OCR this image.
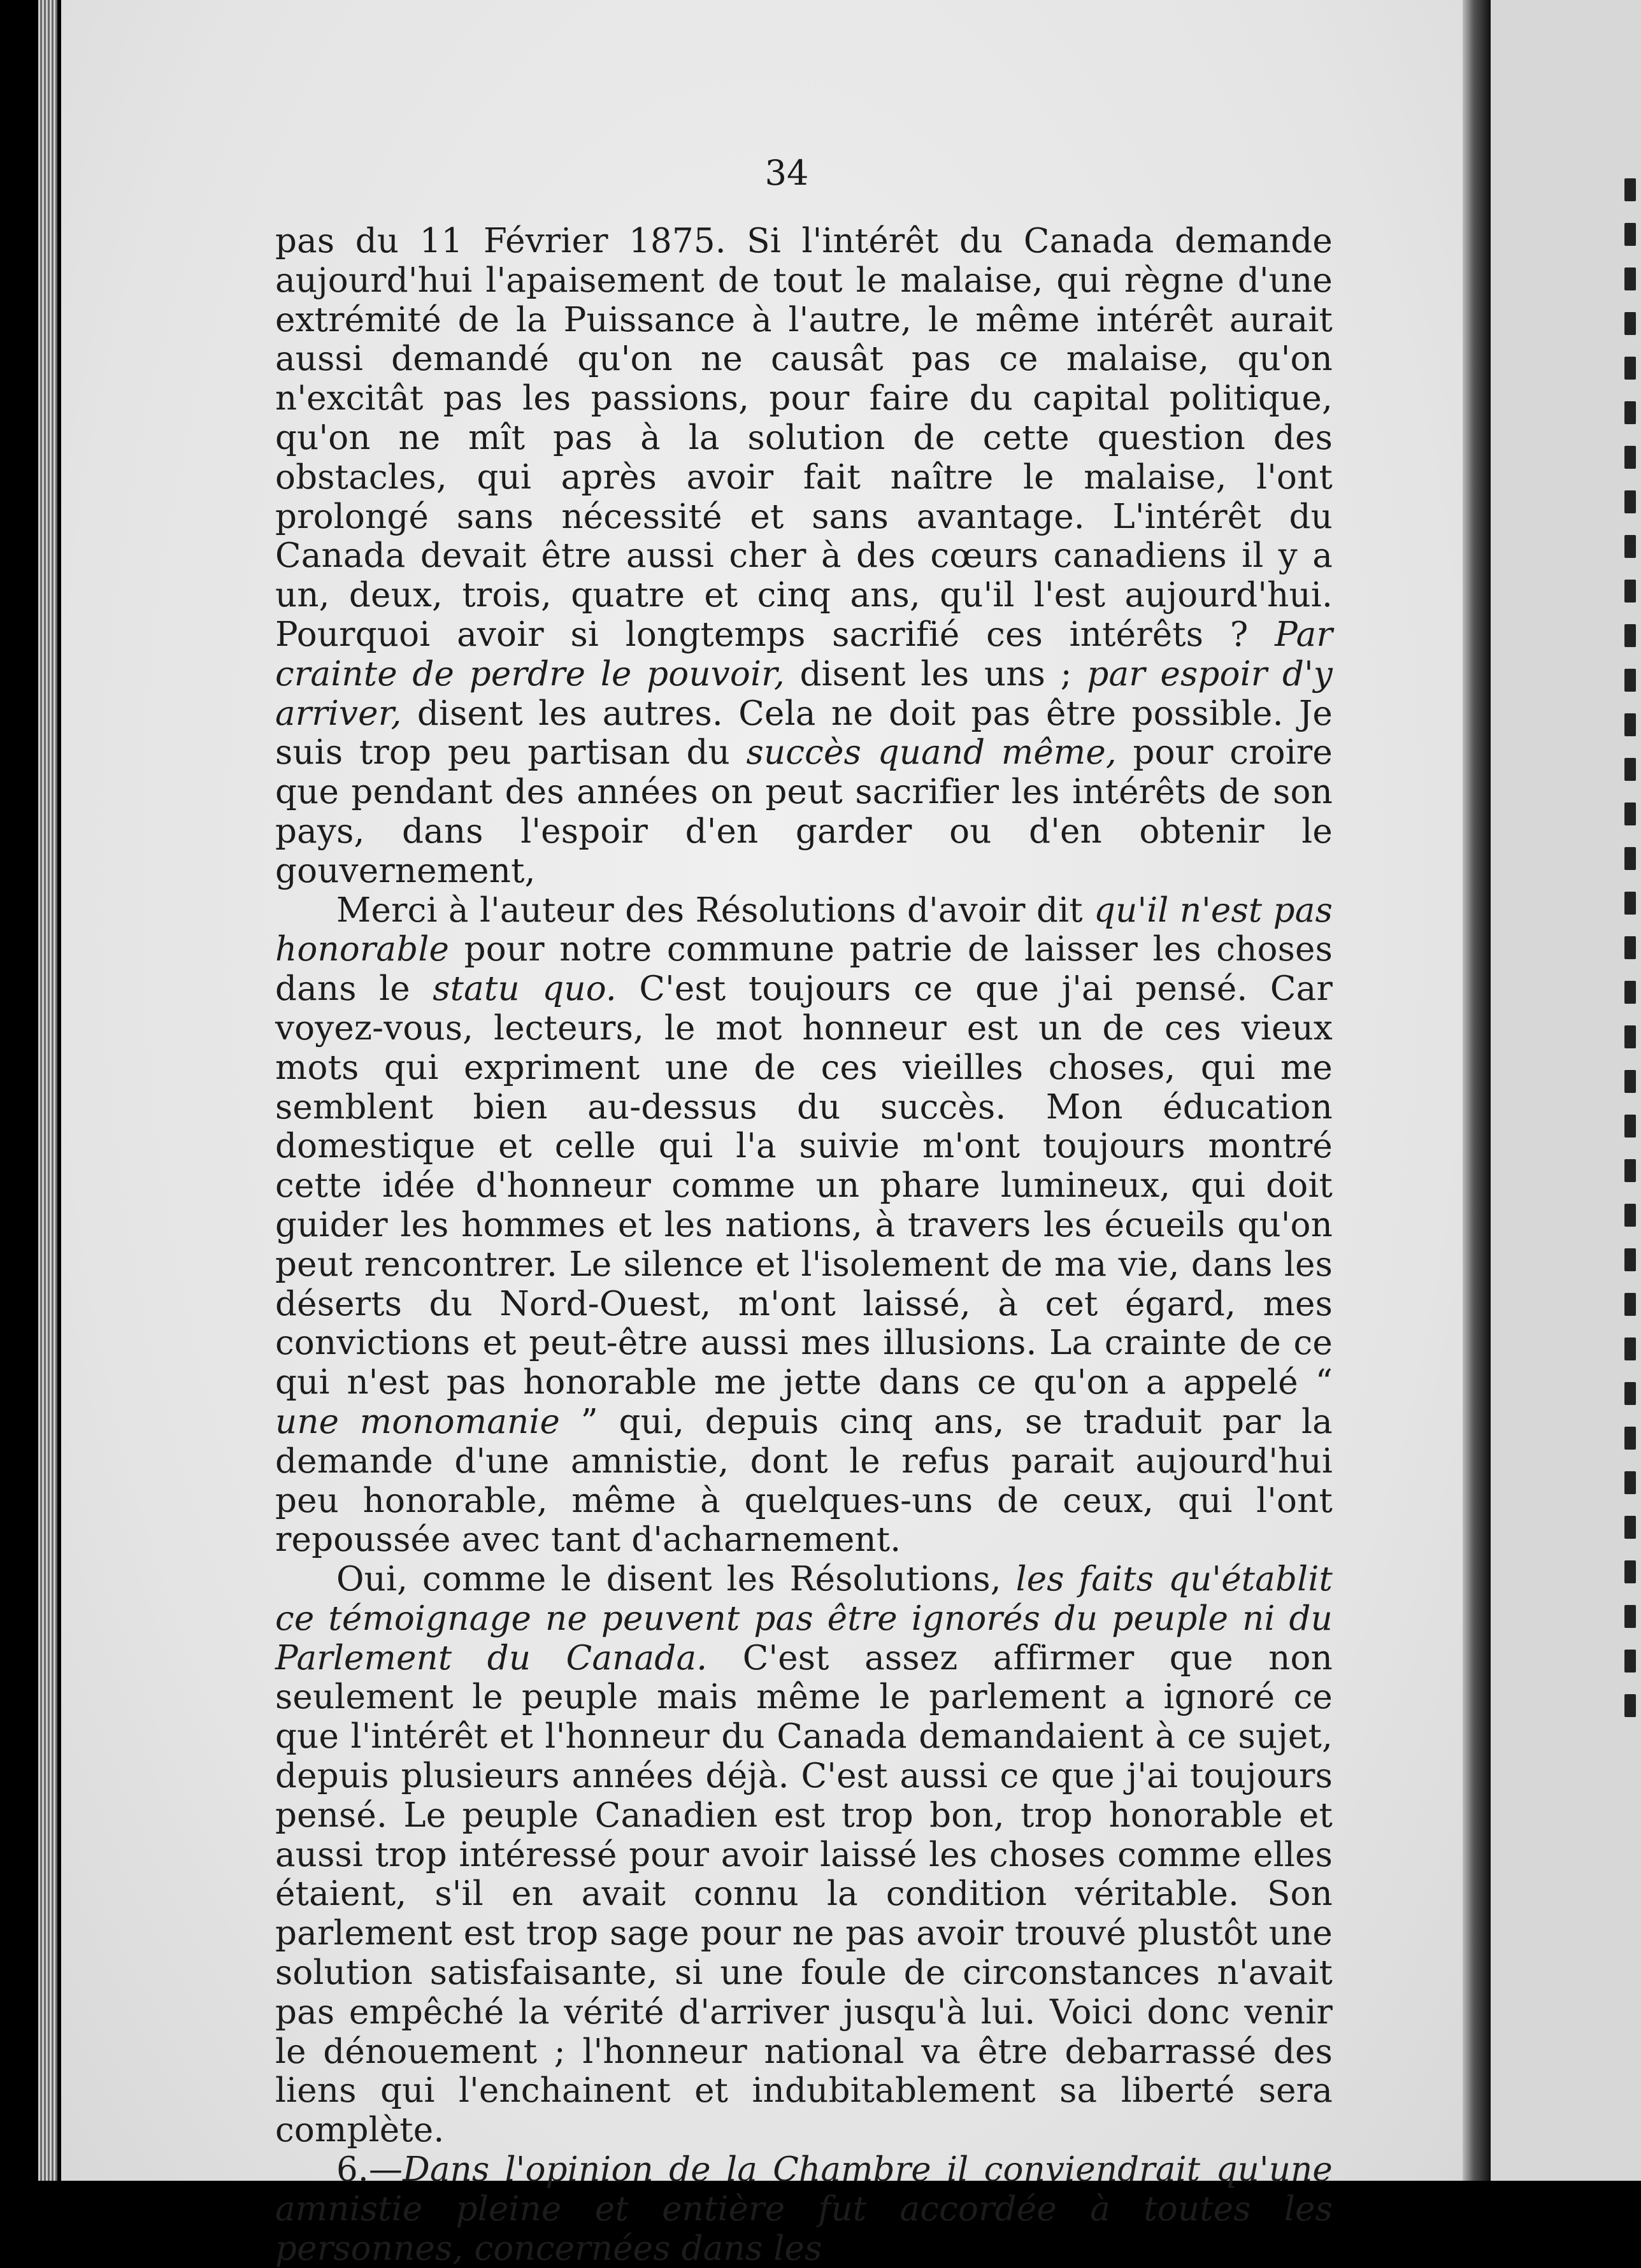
34

pas du 11 Février 1875. Si l'intérêt du Canada demande aujourd'hui l'apaisement de tout le malaise, qui règne d'une extrémité de la Puissance à l'autre, le même intérêt aurait aussi demandé qu'on ne causât pas ce malaise, qu'on n'excitât pas les passions, pour faire du capital politique, qu'on ne mît pas à la solution de cette question des obstacles, qui après avoir fait naître le malaise, l'ont prolongé sans nécessité et sans avantage. L'intérêt du Canada devait être aussi cher à des cœurs canadiens il y a un, deux, trois, quatre et cinq ans, qu'il l'est aujourd'hui. Pourquoi avoir si longtemps sacrifié ces intérêts ? Par crainte de perdre le pouvoir, disent les uns ; par espoir d'y arriver, disent les autres. Cela ne doit pas être possible. Je suis trop peu partisan du succès quand même, pour croire que pendant des années on peut sacrifier les intérêts de son pays, dans l'espoir d'en garder ou d'en obtenir le gouvernement,

Merci à l'auteur des Résolutions d'avoir dit qu'il n'est pas honorable pour notre commune patrie de laisser les choses dans le statu quo. C'est toujours ce que j'ai pensé. Car voyez-vous, lecteurs, le mot honneur est un de ces vieux mots qui expriment une de ces vieilles choses, qui me semblent bien au-dessus du succès. Mon éducation domestique et celle qui l'a suivie m'ont toujours montré cette idée d'honneur comme un phare lumineux, qui doit guider les hommes et les nations, à travers les écueils qu'on peut rencontrer. Le silence et l'isolement de ma vie, dans les déserts du Nord-Ouest, m'ont laissé, à cet égard, mes convictions et peut-être aussi mes illusions. La crainte de ce qui n'est pas honorable me jette dans ce qu'on a appelé “ une monomanie ” qui, depuis cinq ans, se traduit par la demande d'une amnistie, dont le refus parait aujourd'hui peu honorable, même à quelques-uns de ceux, qui l'ont repoussée avec tant d'acharnement.

Oui, comme le disent les Résolutions, les faits qu'établit ce témoignage ne peuvent pas être ignorés du peuple ni du Parlement du Canada. C'est assez affirmer que non seulement le peuple mais même le parlement a ignoré ce que l'intérêt et l'honneur du Canada demandaient à ce sujet, depuis plusieurs années déjà. C'est aussi ce que j'ai toujours pensé. Le peuple Canadien est trop bon, trop honorable et aussi trop intéressé pour avoir laissé les choses comme elles étaient, s'il en avait connu la condition véritable. Son parlement est trop sage pour ne pas avoir trouvé plustôt une solution satisfaisante, si une foule de circonstances n'avait pas empêché la vérité d'arriver jusqu'à lui. Voici donc venir le dénouement ; l'honneur national va être debarrassé des liens qui l'enchainent et indubitablement sa liberté sera complète.

6.—Dans l'opinion de la Chambre il conviendrait qu'une amnistie pleine et entière fut accordée à toutes les personnes, concernées dans les
